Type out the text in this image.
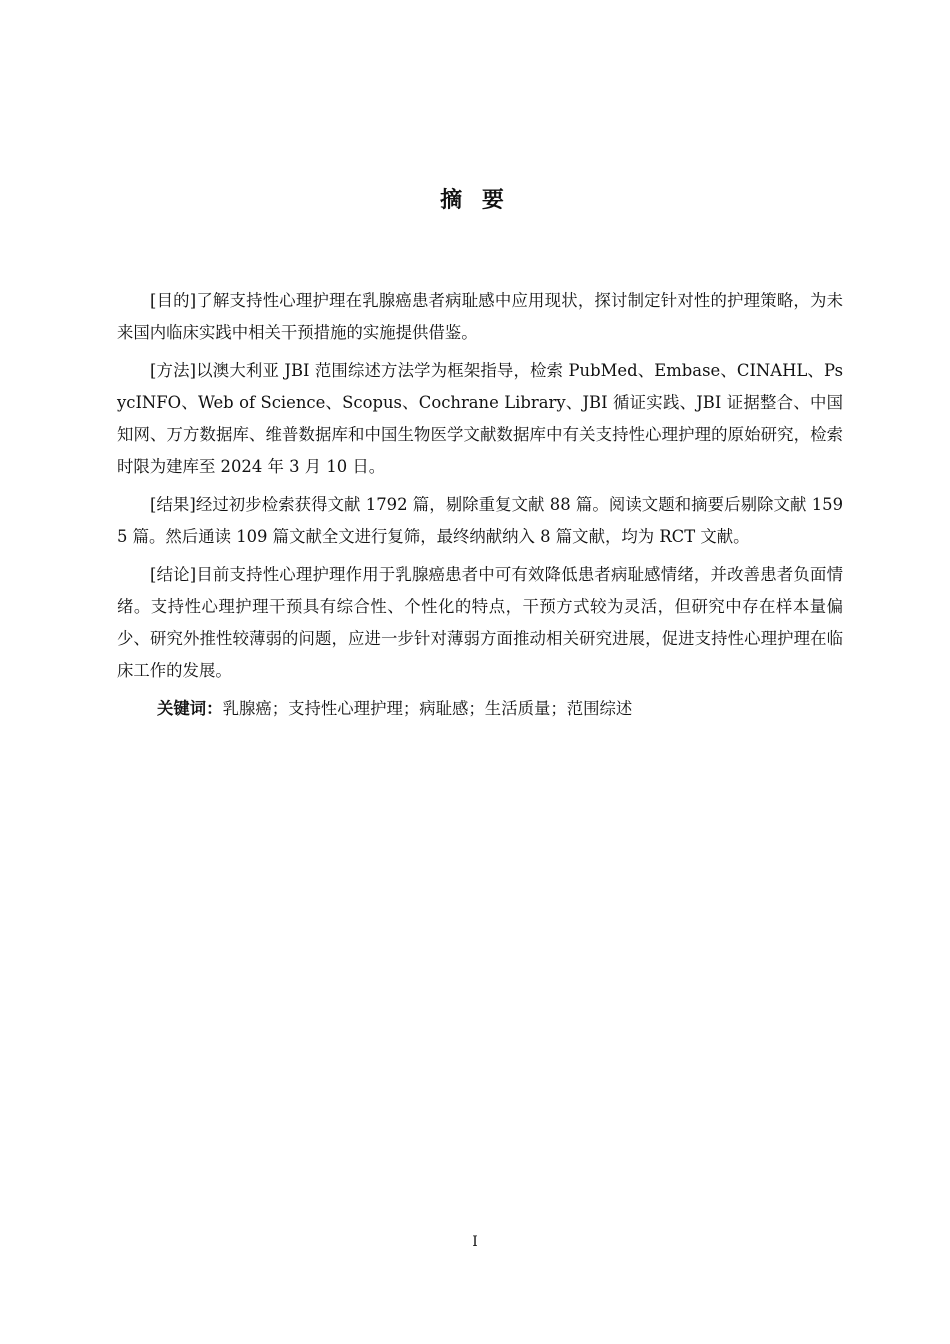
摘 要

[目的]了解支持性心理护理在乳腺癌患者病耻感中应用现状，探讨制定针对性的护理策略，为未来国内临床实践中相关干预措施的实施提供借鉴。

[方法]以澳大利亚 JBI 范围综述方法学为框架指导，检索 PubMed、Embase、CINAHL、PsycINFO、Web of Science、Scopus、Cochrane Library、JBI 循证实践、JBI 证据整合、中国知网、万方数据库、维普数据库和中国生物医学文献数据库中有关支持性心理护理的原始研究，检索时限为建库至 2024 年 3 月 10 日。

[结果]经过初步检索获得文献 1792 篇，剔除重复文献 88 篇。阅读文题和摘要后剔除文献 1595 篇。然后通读 109 篇文献全文进行复筛，最终纳献纳入 8 篇文献，均为 RCT 文献。

[结论]目前支持性心理护理作用于乳腺癌患者中可有效降低患者病耻感情绪，并改善患者负面情绪。支持性心理护理干预具有综合性、个性化的特点，干预方式较为灵活，但研究中存在样本量偏少、研究外推性较薄弱的问题，应进一步针对薄弱方面推动相关研究进展，促进支持性心理护理在临床工作的发展。

关键词：乳腺癌；支持性心理护理；病耻感；生活质量；范围综述

I
